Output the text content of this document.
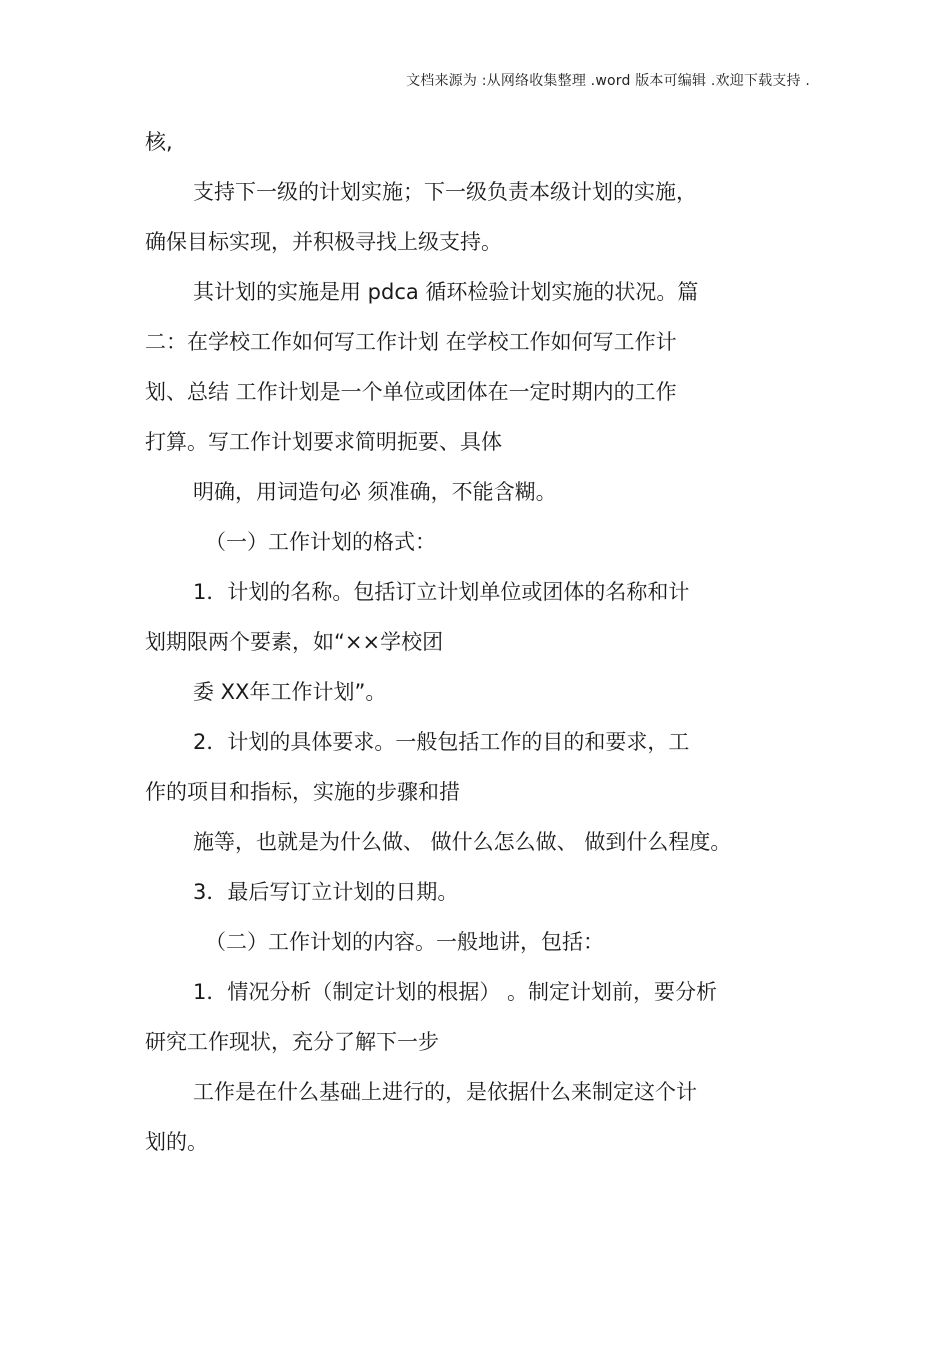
文档来源为 :从网络收集整理 .word 版本可编辑 .欢迎下载支持 .
核,
支持下一级的计划实施；下一级负责本级计划的实施，
确保目标实现，并积极寻找上级支持。
其计划的实施是用 pdca 循环检验计划实施的状况。篇
二：在学校工作如何写工作计划 在学校工作如何写工作计
划、总结 工作计划是一个单位或团体在一定时期内的工作
打算。写工作计划要求简明扼要、具体
明确，用词造句必 须准确，不能含糊。
（一）工作计划的格式：
1．计划的名称。包括订立计划单位或团体的名称和计
划期限两个要素，如“××学校团
委 XX年工作计划”。
2．计划的具体要求。一般包括工作的目的和要求，工
作的项目和指标，实施的步骤和措
施等，也就是为什么做、 做什么怎么做、 做到什么程度。
3．最后写订立计划的日期。
（二）工作计划的内容。一般地讲，包括：
1．情况分析（制定计划的根据） 。制定计划前，要分析
研究工作现状，充分了解下一步
工作是在什么基础上进行的，是依据什么来制定这个计
划的。
